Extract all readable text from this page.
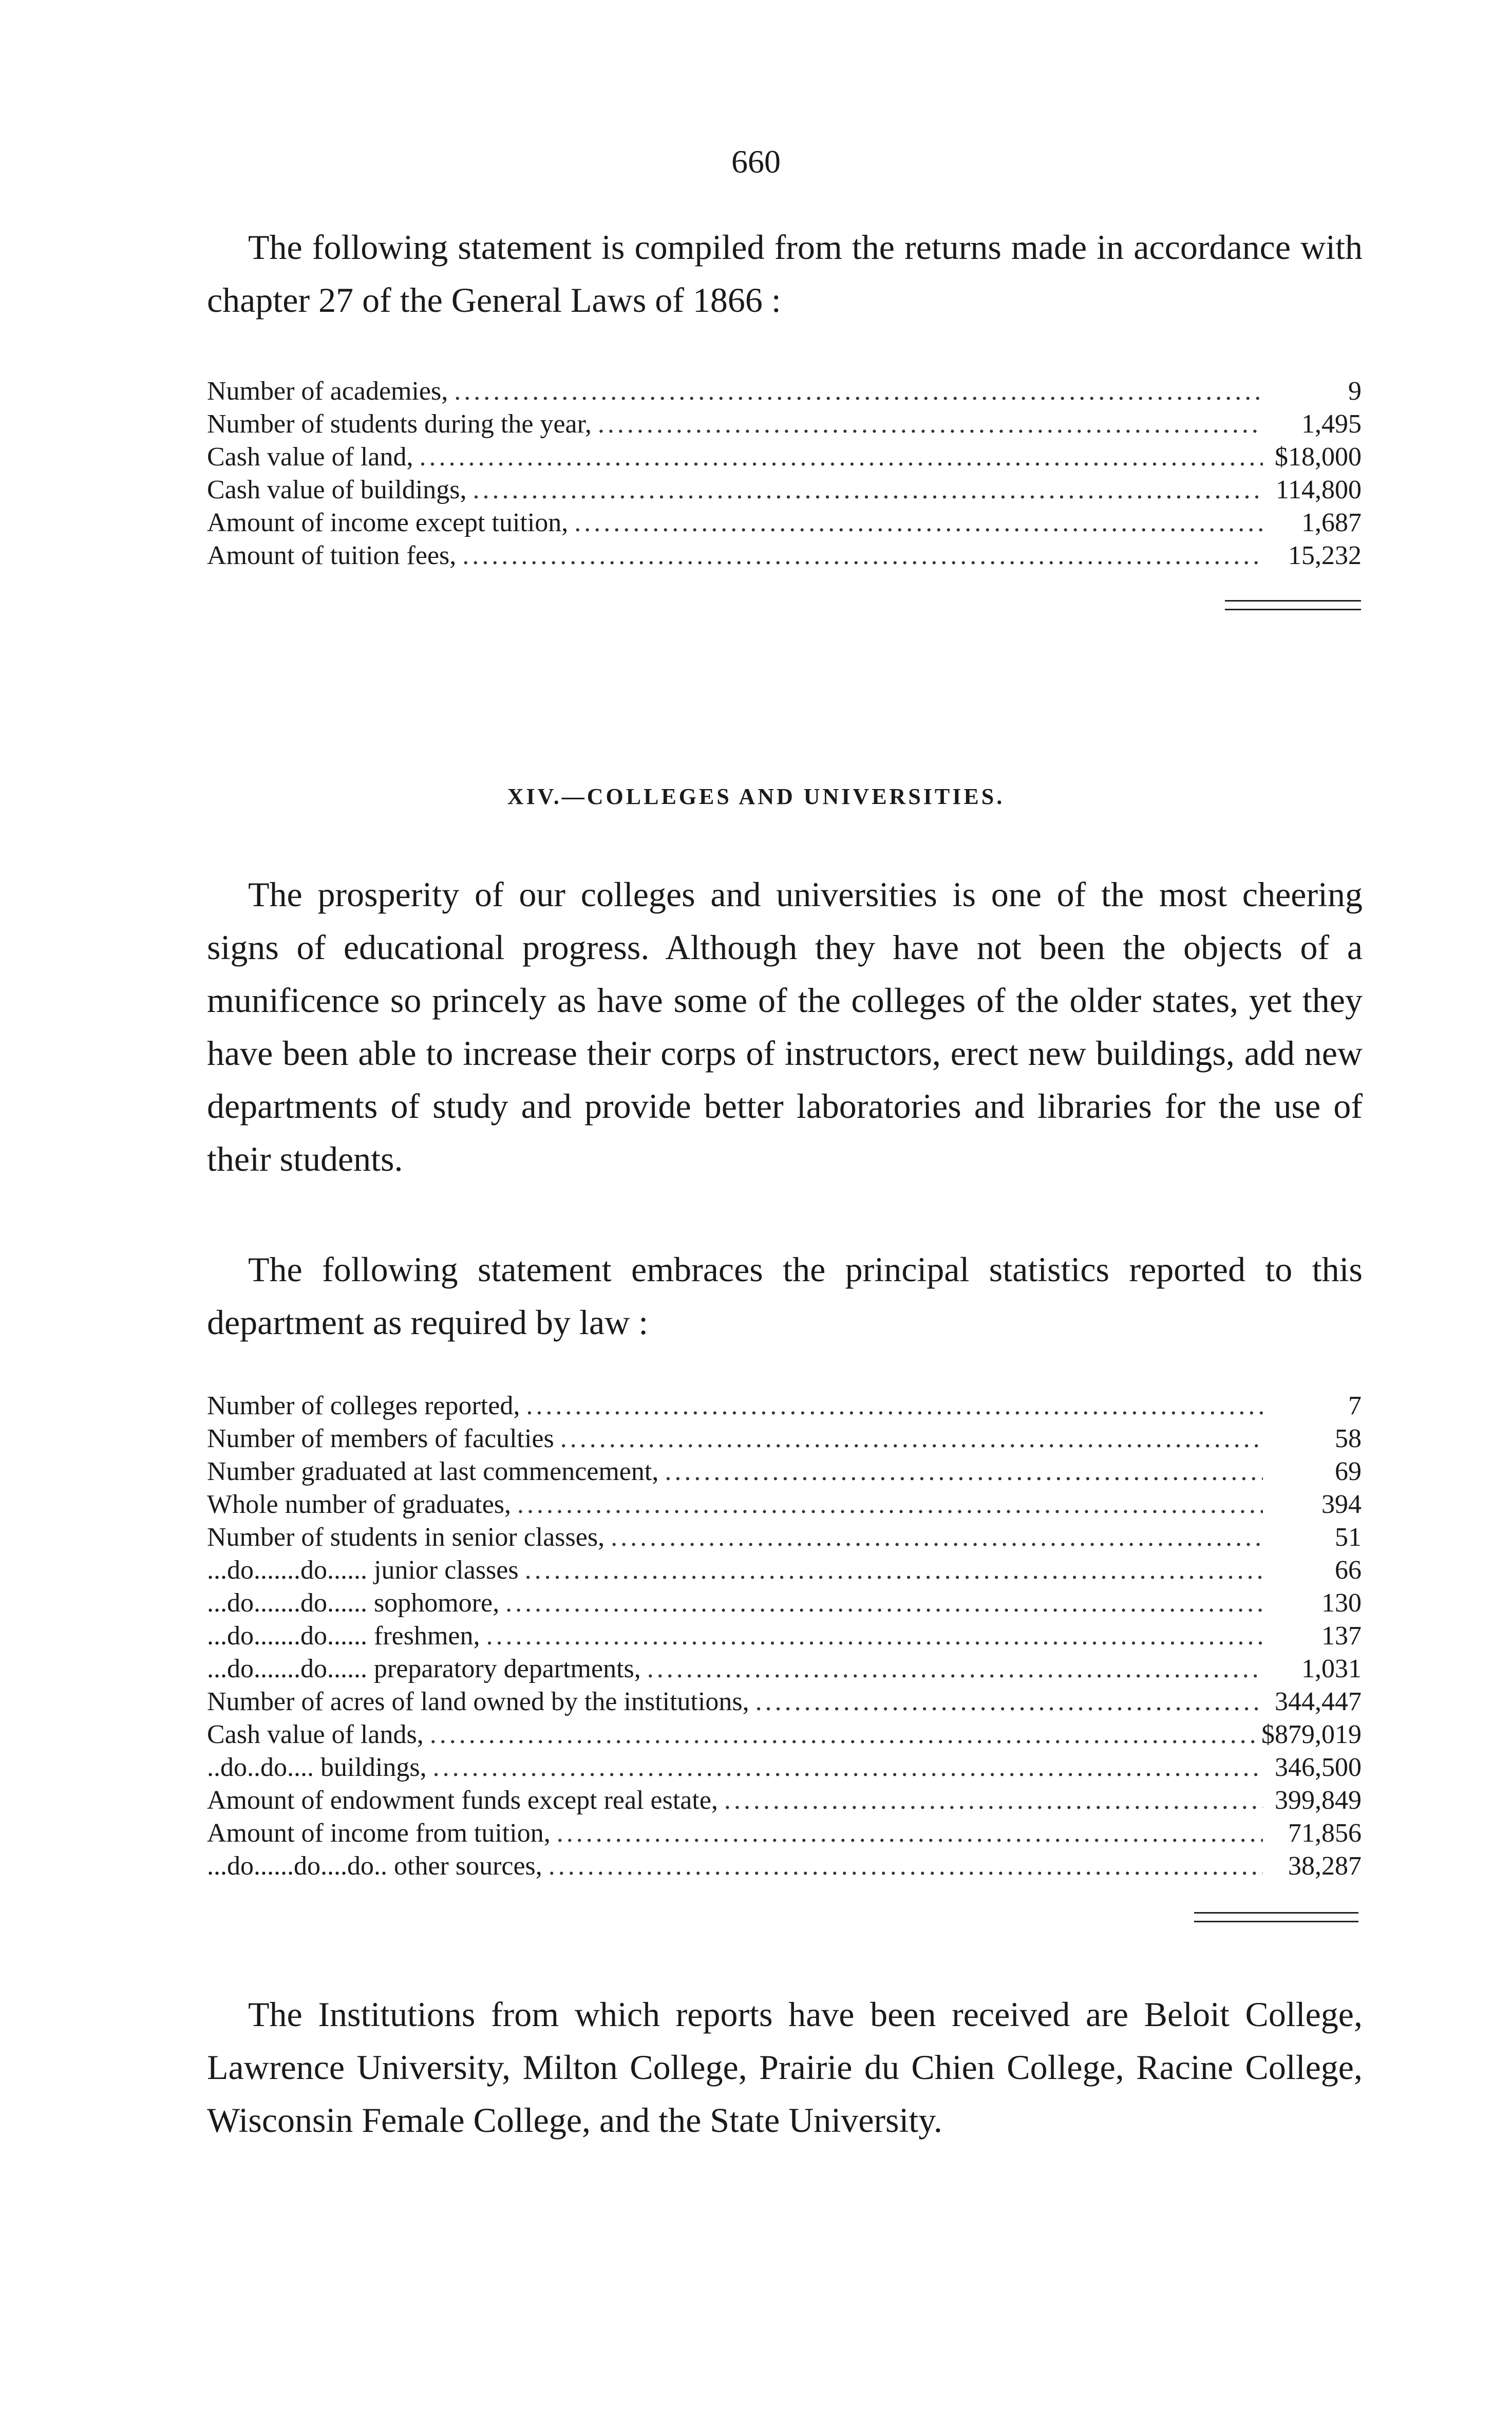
660

The following statement is compiled from the returns made in accordance with chapter 27 of the General Laws of 1866 :

Number of academies, .....	9
Number of students during the year, .....	1,495
Cash value of land, .....	$18,000
Cash value of buildings, .....	114,800
Amount of income except tuition, .....	1,687
Amount of tuition fees, .....	15,232
XIV.—COLLEGES AND UNIVERSITIES.

The prosperity of our colleges and universities is one of the most cheering signs of educational progress. Although they have not been the objects of a munificence so princely as have some of the colleges of the older states, yet they have been able to increase their corps of instructors, erect new buildings, add new departments of study and provide better laboratories and libraries for the use of their students.

The following statement embraces the principal statistics reported to this department as required by law :

Number of colleges reported, .....	7
Number of members of faculties .....	58
Number graduated at last commencement, .....	69
Whole number of graduates, .....	394
Number of students in senior classes, .....	51
...do.......do...... junior classes .....	66
...do.......do...... sophomore, .....	130
...do.......do...... freshmen, .....	137
...do.......do...... preparatory departments, .....	1,031
Number of acres of land owned by the institutions, .....	344,447
Cash value of lands, .....	$879,019
..do..do.... buildings, .....	346,500
Amount of endowment funds except real estate, .....	399,849
Amount of income from tuition, .....	71,856
...do......do....do.. other sources, .....	38,287

The Institutions from which reports have been received are Beloit College, Lawrence University, Milton College, Prairie du Chien College, Racine College, Wisconsin Female College, and the State University.
